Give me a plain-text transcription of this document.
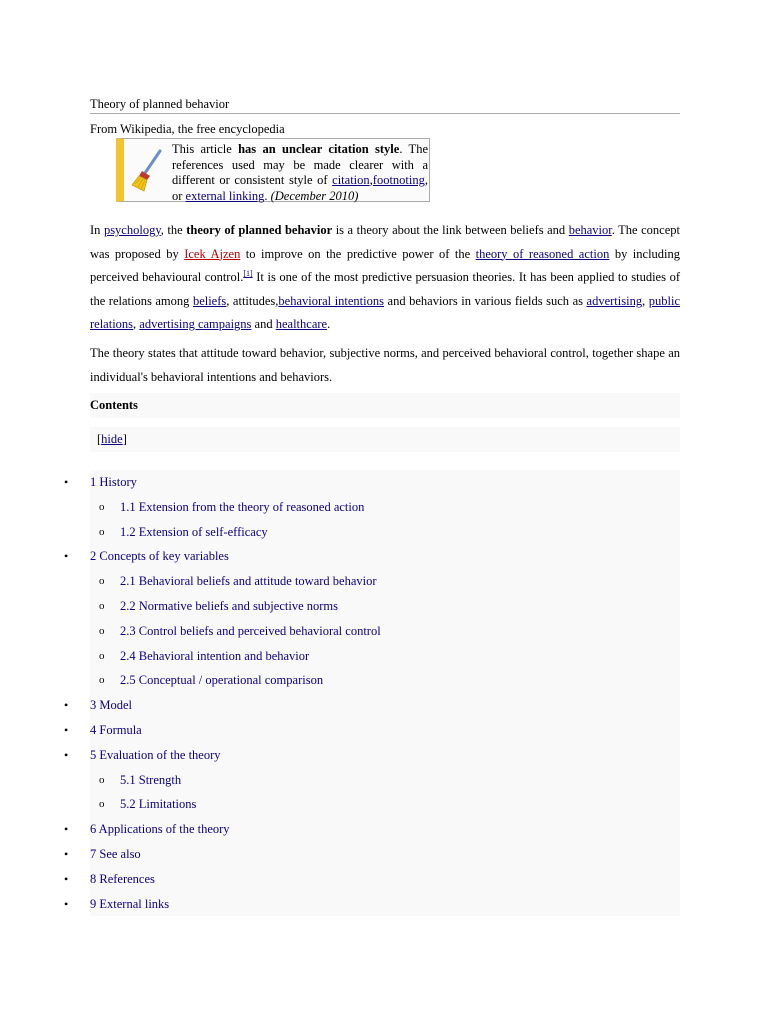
Theory of planned behavior
From Wikipedia, the free encyclopedia
This article has an unclear citation style. The references used may be made clearer with a different or consistent style of citation,footnoting, or external linking. (December 2010)
In psychology, the theory of planned behavior is a theory about the link between beliefs and behavior. The concept was proposed by Icek Ajzen to improve on the predictive power of the theory of reasoned action by including perceived behavioural control.[1] It is one of the most predictive persuasion theories. It has been applied to studies of the relations among beliefs, attitudes,behavioral intentions and behaviors in various fields such as advertising, public relations, advertising campaigns and healthcare.
The theory states that attitude toward behavior, subjective norms, and perceived behavioral control, together shape an individual's behavioral intentions and behaviors.
Contents
[hide]
• 1 History
o 1.1 Extension from the theory of reasoned action
o 1.2 Extension of self-efficacy
• 2 Concepts of key variables
o 2.1 Behavioral beliefs and attitude toward behavior
o 2.2 Normative beliefs and subjective norms
o 2.3 Control beliefs and perceived behavioral control
o 2.4 Behavioral intention and behavior
o 2.5 Conceptual / operational comparison
• 3 Model
• 4 Formula
• 5 Evaluation of the theory
o 5.1 Strength
o 5.2 Limitations
• 6 Applications of the theory
• 7 See also
• 8 References
• 9 External links
